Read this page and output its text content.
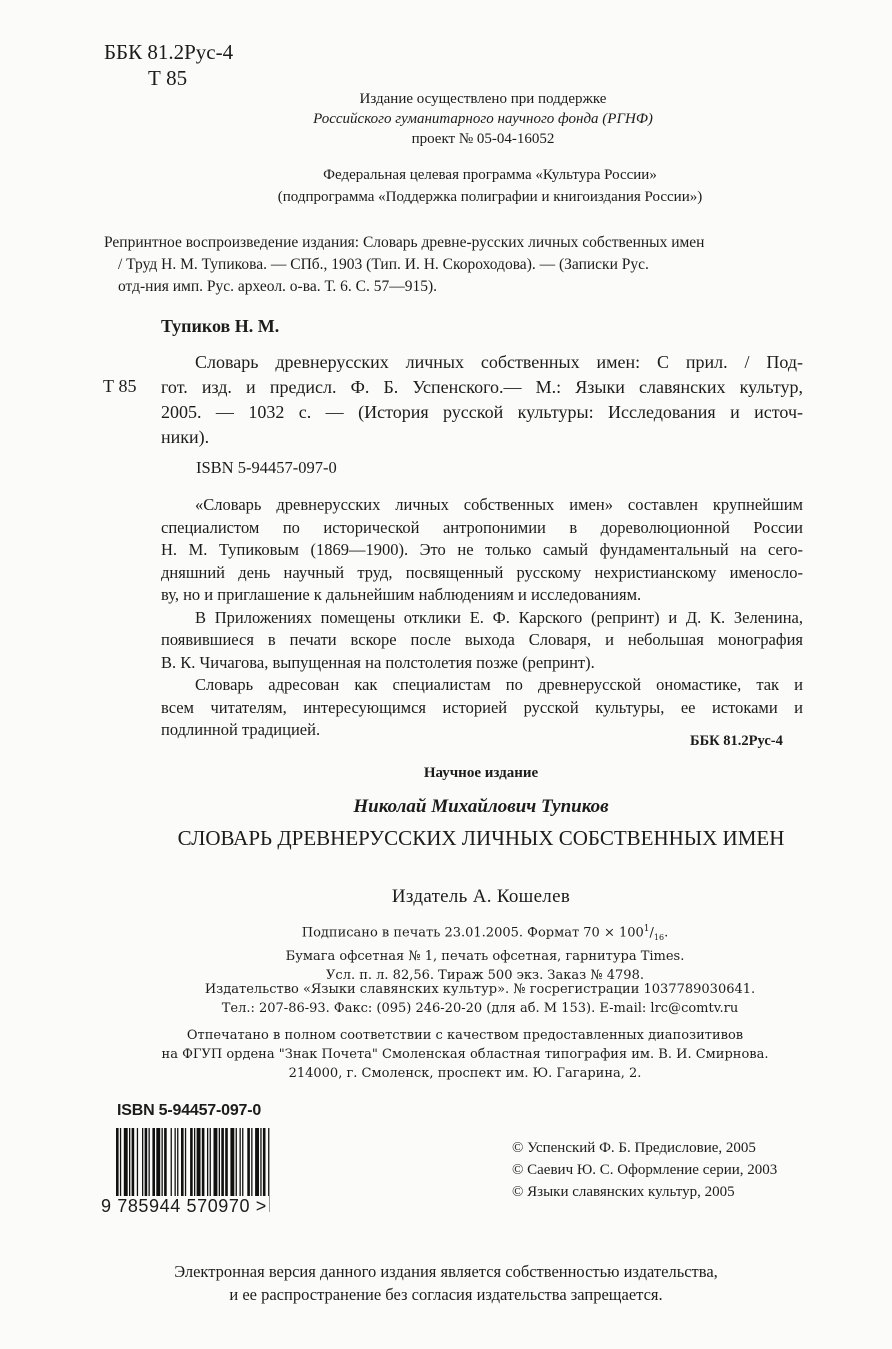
ББК 81.2Рус-4
Т 85
Издание осуществлено при поддержке
Российского гуманитарного научного фонда (РГНФ)
проект № 05-04-16052
Федеральная целевая программа «Культура России»
(подпрограмма «Поддержка полиграфии и книгоиздания России»)
Репринтное воспроизведение издания: Словарь древне-русских личных собственных имен
/ Труд Н. М. Тупикова. — СПб., 1903 (Тип. И. Н. Скороходова). — (Записки Рус.
отд-ния имп. Рус. археол. о-ва. Т. 6. С. 57—915).
Тупиков Н. М.
Т 85
Словарь древнерусских личных собственных имен: С прил. / Под-
гот. изд. и предисл. Ф. Б. Успенского.— М.: Языки славянских культур,
2005. — 1032 с. — (История русской культуры: Исследования и источ-
ники).
ISBN 5-94457-097-0
«Словарь древнерусских личных собственных имен» составлен крупнейшим
специалистом по исторической антропонимии в дореволюционной России
Н. М. Тупиковым (1869—1900). Это не только самый фундаментальный на сего-
дняшний день научный труд, посвященный русскому нехристианскому именосло-
ву, но и приглашение к дальнейшим наблюдениям и исследованиям.
В Приложениях помещены отклики Е. Ф. Карского (репринт) и Д. К. Зеленина,
появившиеся в печати вскоре после выхода Словаря, и небольшая монография
В. К. Чичагова, выпущенная на полстолетия позже (репринт).
Словарь адресован как специалистам по древнерусской ономастике, так и
всем читателям, интересующимся историей русской культуры, ее истоками и
подлинной традицией.
ББК 81.2Рус-4
Научное издание
Николай Михайлович Тупиков
СЛОВАРЬ ДРЕВНЕРУССКИХ ЛИЧНЫХ СОБСТВЕННЫХ ИМЕН
Издатель А. Кошелев
Подписано в печать 23.01.2005. Формат $70 \times 100^1/_{16}$.
Бумага офсетная № 1, печать офсетная, гарнитура Times.
Усл. п. л. 82,56. Тираж 500 экз. Заказ № 4798.
Издательство «Языки славянских культур». № госрегистрации 1037789030641.
Тел.: 207-86-93. Факс: (095) 246-20-20 (для аб. М 153). E-mail: lrc@comtv.ru
Отпечатано в полном соответствии с качеством предоставленных диапозитивов
на ФГУП ордена "Знак Почета" Смоленская областная типография им. В. И. Смирнова.
214000, г. Смоленск, проспект им. Ю. Гагарина, 2.
ISBN 5-94457-097-0
9 785944 570970 >
© Успенский Ф. Б. Предисловие, 2005
© Саевич Ю. С. Оформление серии, 2003
© Языки славянских культур, 2005
Электронная версия данного издания является собственностью издательства,
и ее распространение без согласия издательства запрещается.
